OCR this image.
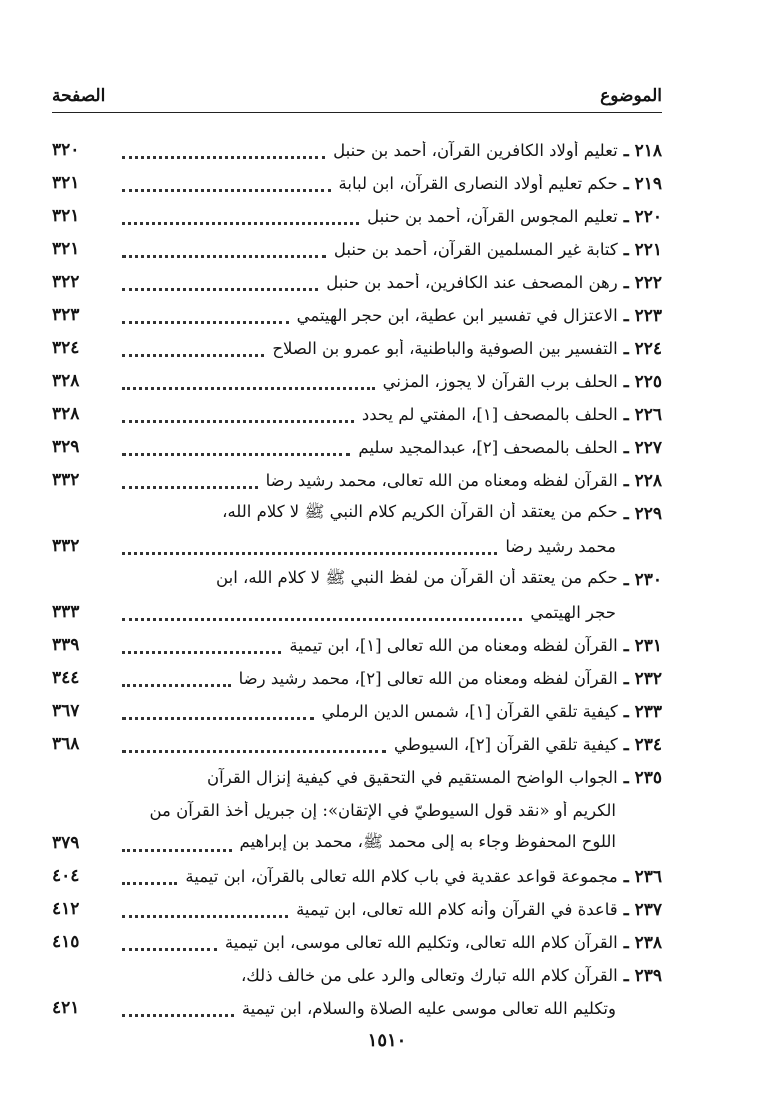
الموضوع
الصفحة
٢١٨ ـ
تعليم أولاد الكافرين القرآن، أحمد بن حنبل
٣٢٠
٢١٩ ـ
حكم تعليم أولاد النصارى القرآن، ابن لبابة
٣٢١
٢٢٠ ـ
تعليم المجوس القرآن، أحمد بن حنبل
٣٢١
٢٢١ ـ
كتابة غير المسلمين القرآن، أحمد بن حنبل
٣٢١
٢٢٢ ـ
رهن المصحف عند الكافرين، أحمد بن حنبل
٣٢٢
٢٢٣ ـ
الاعتزال في تفسير ابن عطية، ابن حجر الهيتمي
٣٢٣
٢٢٤ ـ
التفسير بين الصوفية والباطنية، أبو عمرو بن الصلاح
٣٢٤
٢٢٥ ـ
الحلف برب القرآن لا يجوز، المزني
٣٢٨
٢٢٦ ـ
الحلف بالمصحف [١]، المفتي لم يحدد
٣٢٨
٢٢٧ ـ
الحلف بالمصحف [٢]، عبدالمجيد سليم
٣٢٩
٢٢٨ ـ
القرآن لفظه ومعناه من الله تعالى، محمد رشيد رضا
٣٣٢
٢٢٩ ـ
حكم من يعتقد أن القرآن الكريم كلام النبي ﷺ لا كلام الله،
محمد رشيد رضا
٣٣٢
٢٣٠ ـ
حكم من يعتقد أن القرآن من لفظ النبي ﷺ لا كلام الله، ابن
حجر الهيتمي
٣٣٣
٢٣١ ـ
القرآن لفظه ومعناه من الله تعالى [١]، ابن تيمية
٣٣٩
٢٣٢ ـ
القرآن لفظه ومعناه من الله تعالى [٢]، محمد رشيد رضا
٣٤٤
٢٣٣ ـ
كيفية تلقي القرآن [١]، شمس الدين الرملي
٣٦٧
٢٣٤ ـ
كيفية تلقي القرآن [٢]، السيوطي
٣٦٨
٢٣٥ ـ
الجواب الواضح المستقيم في التحقيق في كيفية إنزال القرآن
الكريم أو «نقد قول السيوطيّ في الإتقان»: إن جبريل أخذ القرآن من
اللوح المحفوظ وجاء به إلى محمد ﷺ، محمد بن إبراهيم
٣٧٩
٢٣٦ ـ
مجموعة قواعد عقدية في باب كلام الله تعالى بالقرآن، ابن تيمية
٤٠٤
٢٣٧ ـ
قاعدة في القرآن وأنه كلام الله تعالى، ابن تيمية
٤١٢
٢٣٨ ـ
القرآن كلام الله تعالى، وتكليم الله تعالى موسى، ابن تيمية
٤١٥
٢٣٩ ـ
القرآن كلام الله تبارك وتعالى والرد على من خالف ذلك،
وتكليم الله تعالى موسى عليه الصلاة والسلام، ابن تيمية
٤٢١
١٥١٠
